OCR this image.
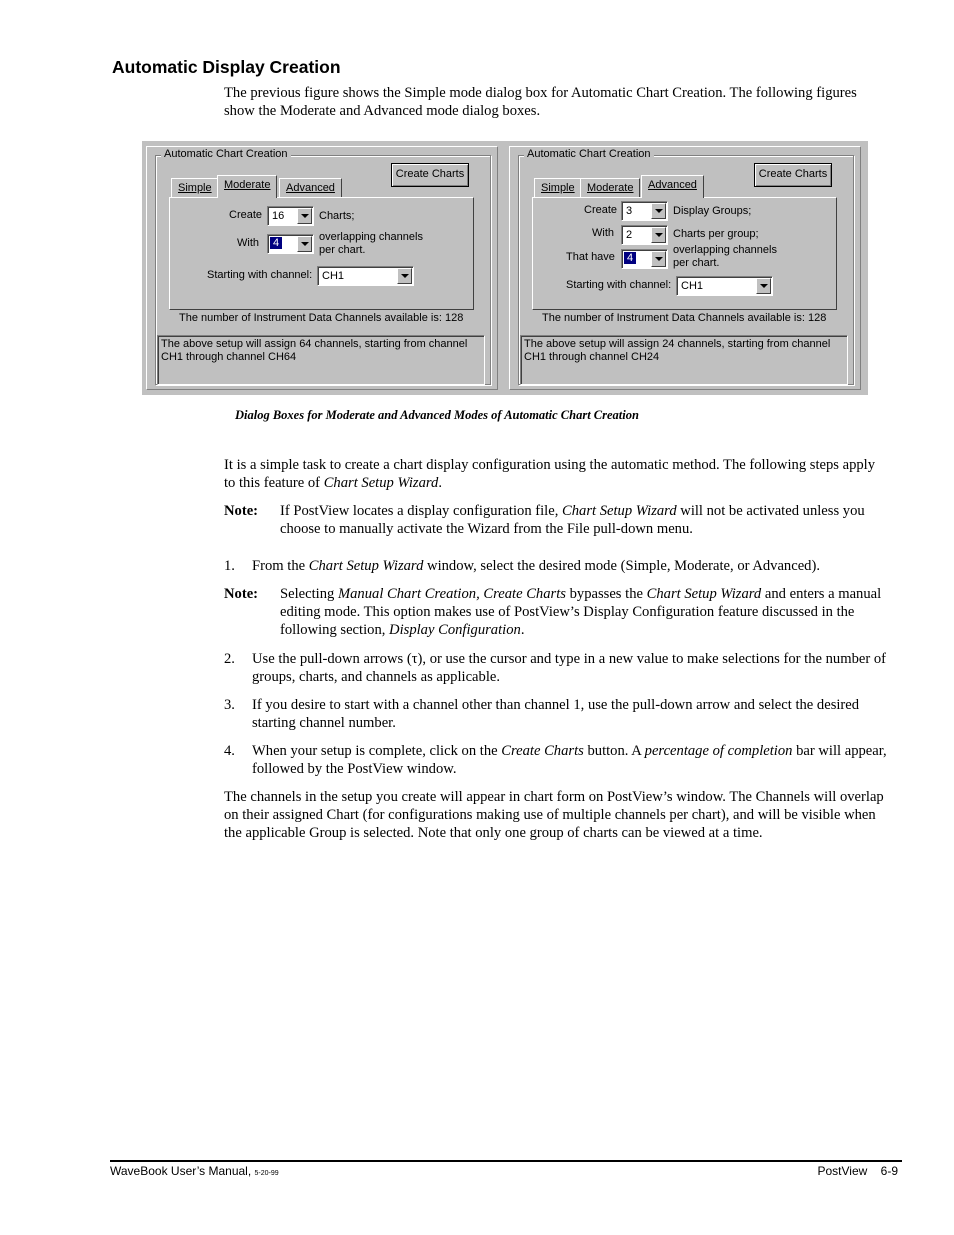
Automatic Display Creation
The previous figure shows the Simple mode dialog box for Automatic Chart Creation. The following figures show the Moderate and Advanced mode dialog boxes.
Automatic Chart Creation
Simple	Moderate	Advanced
Create Charts
Create 16	Charts;
With 4	overlapping channels
per chart.
Starting with channel: CH1
The number of Instrument Data Channels available is: 128
The above setup will assign 64 channels, starting from channel
CH1 through channel CH64
Automatic Chart Creation
Simple	Moderate	Advanced
Create Charts
Create 3	Display Groups;
With 2	Charts per group;
That have 4
overlapping channels
per chart.
Starting with channel: CH1
The number of Instrument Data Channels available is: 128
The above setup will assign 24 channels, starting from channel
CH1 through channel CH24
Dialog Boxes for Moderate and Advanced Modes of Automatic Chart Creation
It is a simple task to create a chart display configuration using the automatic method. The following steps apply to this feature of Chart Setup Wizard.
Note: If PostView locates a display configuration file, Chart Setup Wizard will not be activated unless you choose to manually activate the Wizard from the File pull-down menu.
1. From the Chart Setup Wizard window, select the desired mode (Simple, Moderate, or Advanced).
Note: Selecting Manual Chart Creation, Create Charts bypasses the Chart Setup Wizard and enters a manual editing mode. This option makes use of PostView’s Display Configuration feature discussed in the following section, Display Configuration.
2. Use the pull-down arrows (τ), or use the cursor and type in a new value to make selections for the number of groups, charts, and channels as applicable.
3. If you desire to start with a channel other than channel 1, use the pull-down arrow and select the desired starting channel number.
4. When your setup is complete, click on the Create Charts button. A percentage of completion bar will appear, followed by the PostView window.
The channels in the setup you create will appear in chart form on PostView’s window. The Channels will overlap on their assigned Chart (for configurations making use of multiple channels per chart), and will be visible when the applicable Group is selected. Note that only one group of charts can be viewed at a time.
WaveBook User’s Manual, 5-20-99	PostView 6-9
